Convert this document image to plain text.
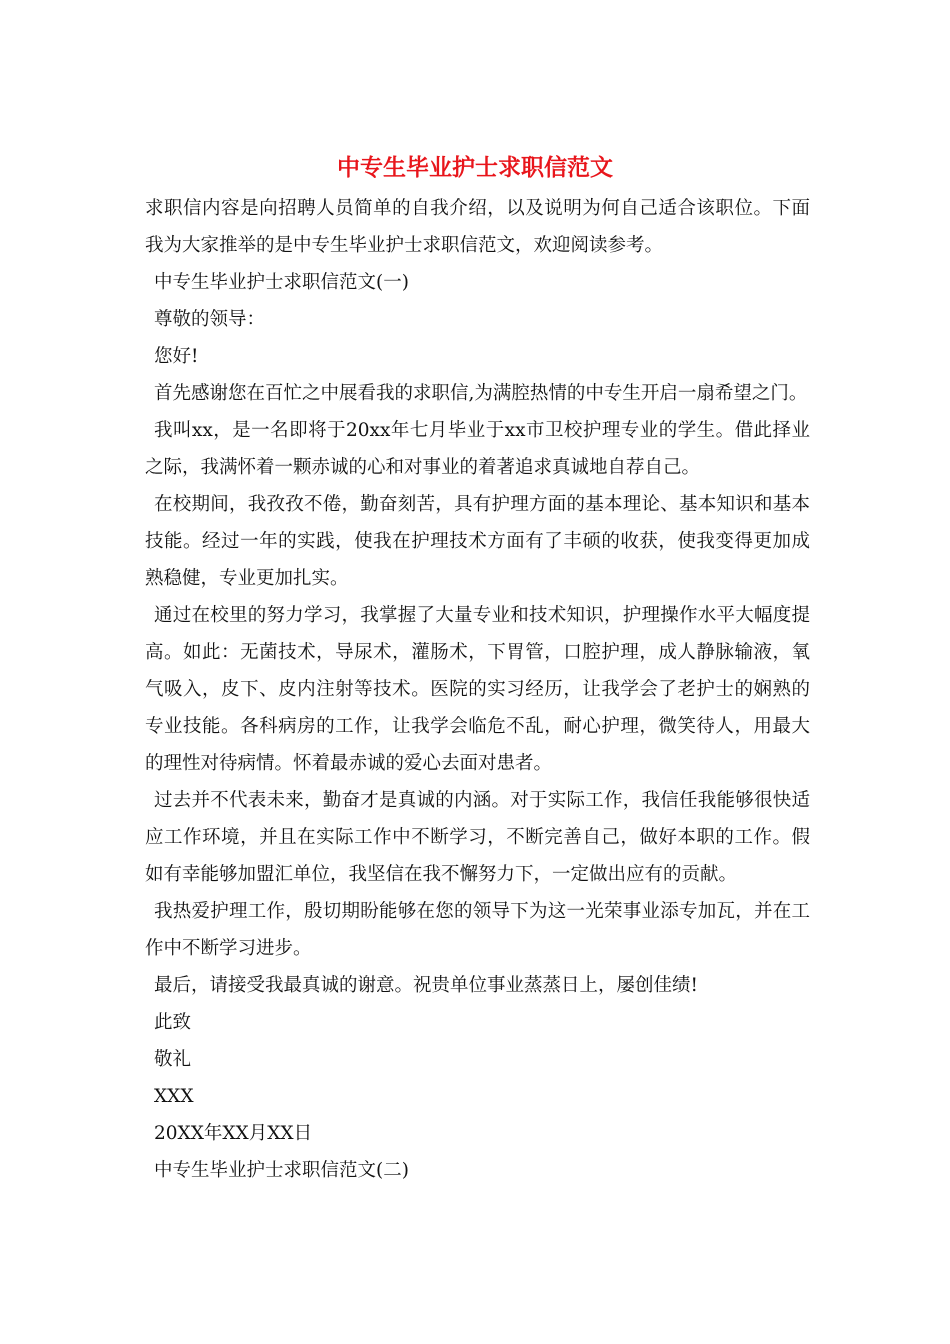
中专生毕业护士求职信范文

求职信内容是向招聘人员简单的自我介绍，以及说明为何自己适合该职位。下面我为大家推举的是中专生毕业护士求职信范文，欢迎阅读参考。

中专生毕业护士求职信范文(一)

尊敬的领导：

您好!

首先感谢您在百忙之中展看我的求职信,为满腔热情的中专生开启一扇希望之门。

我叫xx，是一名即将于20xx年七月毕业于xx市卫校护理专业的学生。借此择业之际，我满怀着一颗赤诚的心和对事业的着著追求真诚地自荐自己。

在校期间，我孜孜不倦，勤奋刻苦，具有护理方面的基本理论、基本知识和基本技能。经过一年的实践，使我在护理技术方面有了丰硕的收获，使我变得更加成熟稳健，专业更加扎实。

通过在校里的努力学习，我掌握了大量专业和技术知识，护理操作水平大幅度提高。如此：无菌技术，导尿术，灌肠术，下胃管，口腔护理，成人静脉输液，氧气吸入，皮下、皮内注射等技术。医院的实习经历，让我学会了老护士的娴熟的专业技能。各科病房的工作，让我学会临危不乱，耐心护理，微笑待人，用最大的理性对待病情。怀着最赤诚的爱心去面对患者。

过去并不代表未来，勤奋才是真诚的内涵。对于实际工作，我信任我能够很快适应工作环境，并且在实际工作中不断学习，不断完善自己，做好本职的工作。假如有幸能够加盟汇单位，我坚信在我不懈努力下，一定做出应有的贡献。

我热爱护理工作，殷切期盼能够在您的领导下为这一光荣事业添专加瓦，并在工作中不断学习进步。

最后，请接受我最真诚的谢意。祝贵单位事业蒸蒸日上，屡创佳绩!

此致

敬礼

XXX

20XX年XX月XX日

中专生毕业护士求职信范文(二)
